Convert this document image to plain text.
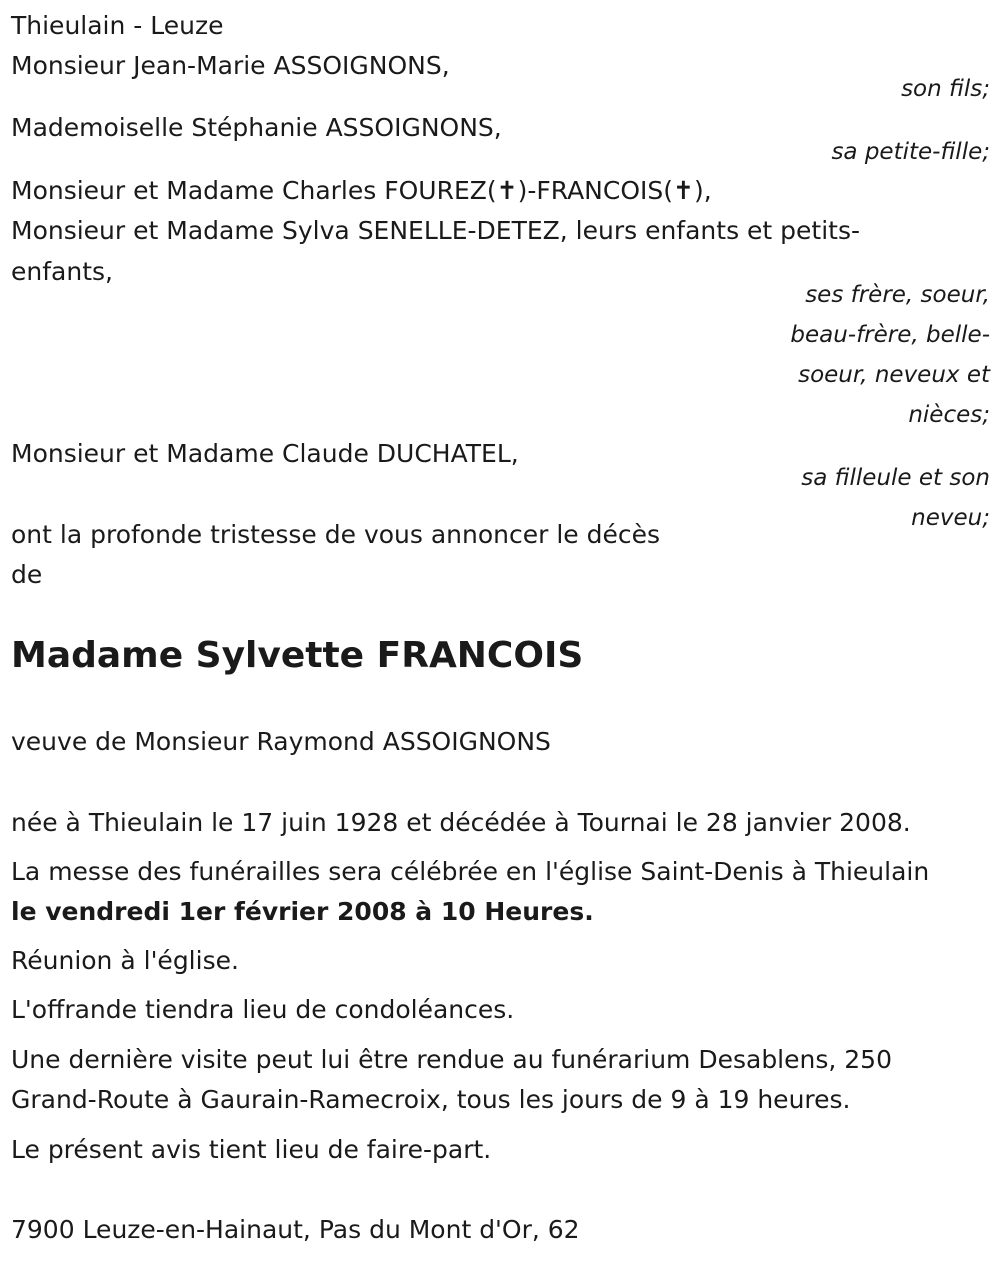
Thieulain - Leuze
Monsieur Jean-Marie ASSOIGNONS,
son fils;
Mademoiselle Stéphanie ASSOIGNONS,
sa petite-fille;
Monsieur et Madame Charles FOUREZ(✝)-FRANCOIS(✝),
Monsieur et Madame Sylva SENELLE-DETEZ, leurs enfants et petits-
enfants,
ses frère, soeur,
beau-frère, belle-
soeur, neveux et
nièces;
Monsieur et Madame Claude DUCHATEL,
sa filleule et son
neveu;
ont la profonde tristesse de vous annoncer le décès
de
Madame Sylvette FRANCOIS
veuve de Monsieur Raymond ASSOIGNONS
née à Thieulain le 17 juin 1928 et décédée à Tournai le 28 janvier 2008.
La messe des funérailles sera célébrée en l'église Saint-Denis à Thieulain
le vendredi 1er février 2008 à 10 Heures.
Réunion à l'église.
L'offrande tiendra lieu de condoléances.
Une dernière visite peut lui être rendue au funérarium Desablens, 250
Grand-Route à Gaurain-Ramecroix, tous les jours de 9 à 19 heures.
Le présent avis tient lieu de faire-part.
7900 Leuze-en-Hainaut, Pas du Mont d'Or, 62
